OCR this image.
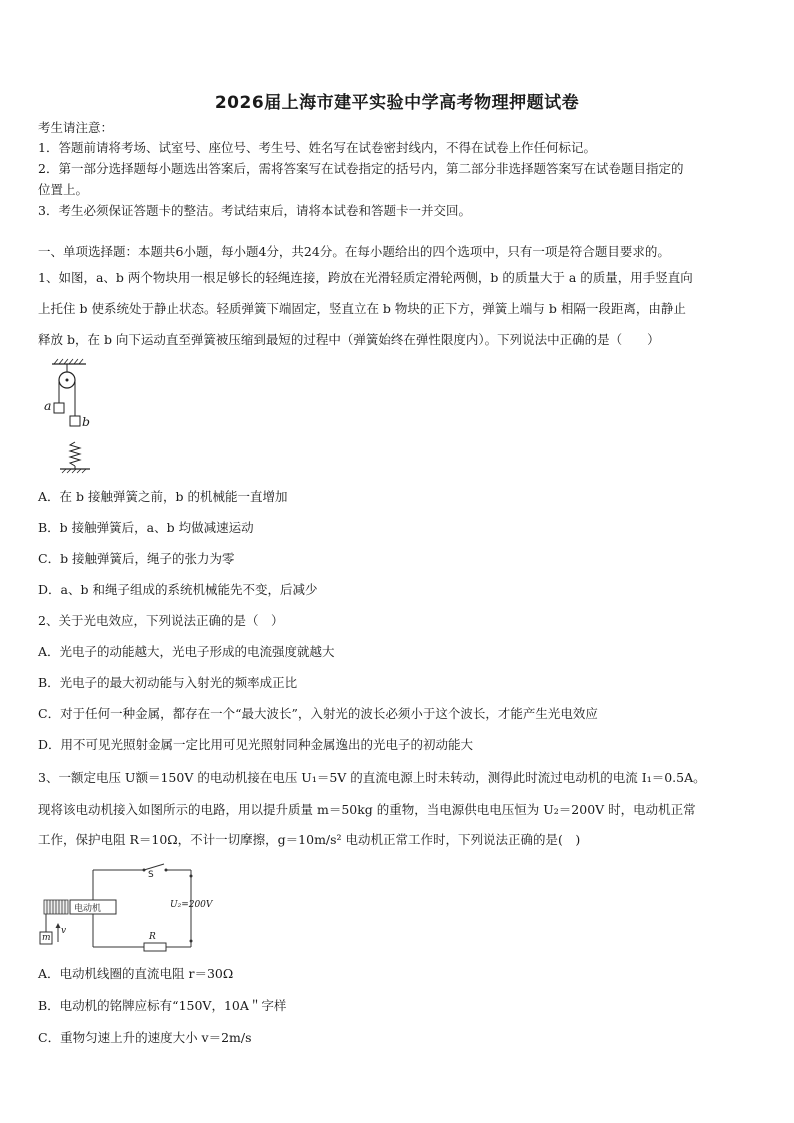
2026届上海市建平实验中学高考物理押题试卷
考生请注意：
1．答题前请将考场、试室号、座位号、考生号、姓名写在试卷密封线内，不得在试卷上作任何标记。
2．第一部分选择题每小题选出答案后，需将答案写在试卷指定的括号内，第二部分非选择题答案写在试卷题目指定的
位置上。
3．考生必须保证答题卡的整洁。考试结束后，请将本试卷和答题卡一并交回。
一、单项选择题：本题共6小题，每小题4分，共24分。在每小题给出的四个选项中，只有一项是符合题目要求的。
1、如图，a、b 两个物块用一根足够长的轻绳连接，跨放在光滑轻质定滑轮两侧，b 的质量大于 a 的质量，用手竖直向
上托住 b 使系统处于静止状态。轻质弹簧下端固定，竖直立在 b 物块的正下方，弹簧上端与 b 相隔一段距离，由静止
释放 b，在 b 向下运动直至弹簧被压缩到最短的过程中（弹簧始终在弹性限度内）。下列说法中正确的是（　　）
a
b
A．在 b 接触弹簧之前，b 的机械能一直增加
B．b 接触弹簧后，a、b 均做减速运动
C．b 接触弹簧后，绳子的张力为零
D．a、b 和绳子组成的系统机械能先不变，后减少
2、关于光电效应，下列说法正确的是（　）
A．光电子的动能越大，光电子形成的电流强度就越大
B．光电子的最大初动能与入射光的频率成正比
C．对于任何一种金属，都存在一个“最大波长”，入射光的波长必须小于这个波长，才能产生光电效应
D．用不可见光照射金属一定比用可见光照射同种金属逸出的光电子的初动能大
3、一额定电压 U额＝150V 的电动机接在电压 U₁＝5V 的直流电源上时未转动，测得此时流过电动机的电流 I₁＝0.5A。
现将该电动机接入如图所示的电路，用以提升质量 m＝50kg 的重物，当电源供电电压恒为 U₂＝200V 时，电动机正常
工作，保护电阻 R＝10Ω，不计一切摩擦，g＝10m/s² 电动机正常工作时，下列说法正确的是(　)
S
U₂=200V
电动机
R
m
v
A．电动机线圈的直流电阻 r＝30Ω
B．电动机的铭牌应标有“150V，10A＂字样
C．重物匀速上升的速度大小 v＝2m/s
